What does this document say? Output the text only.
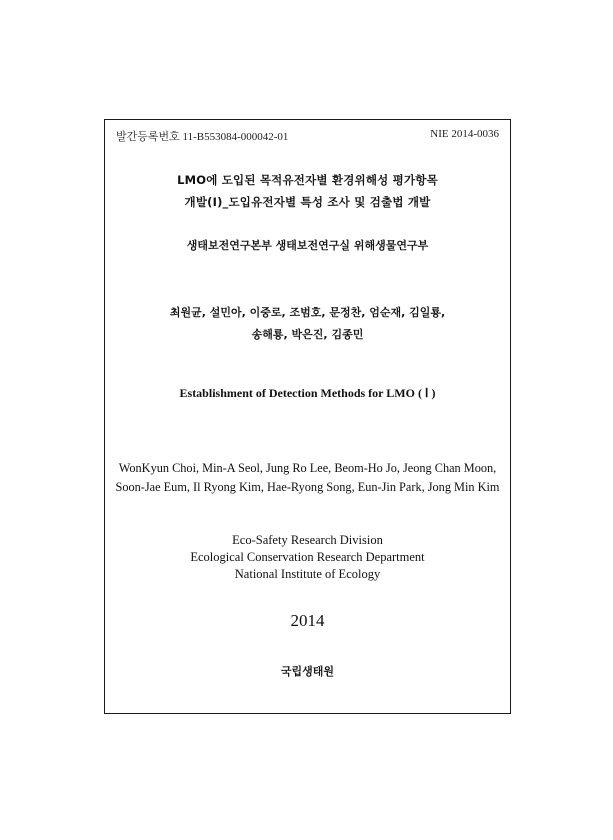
발간등록번호 11-B553084-000042-01	NIE 2014-0036
LMO에 도입된 목적유전자별 환경위해성 평가항목
개발(Ⅰ)_도입유전자별 특성 조사 및 검출법 개발
생태보전연구본부 생태보전연구실 위해생물연구부
최원균, 설민아, 이중로, 조범호, 문정찬, 엄순재, 김일룡,
송해룡, 박은진, 김종민
Establishment of Detection Methods for LMO ( Ⅰ )
WonKyun Choi, Min-A Seol, Jung Ro Lee, Beom-Ho Jo, Jeong Chan Moon,
Soon-Jae Eum, Il Ryong Kim, Hae-Ryong Song, Eun-Jin Park, Jong Min Kim
Eco-Safety Research Division
Ecological Conservation Research Department
National Institute of Ecology
2014
국립생태원
